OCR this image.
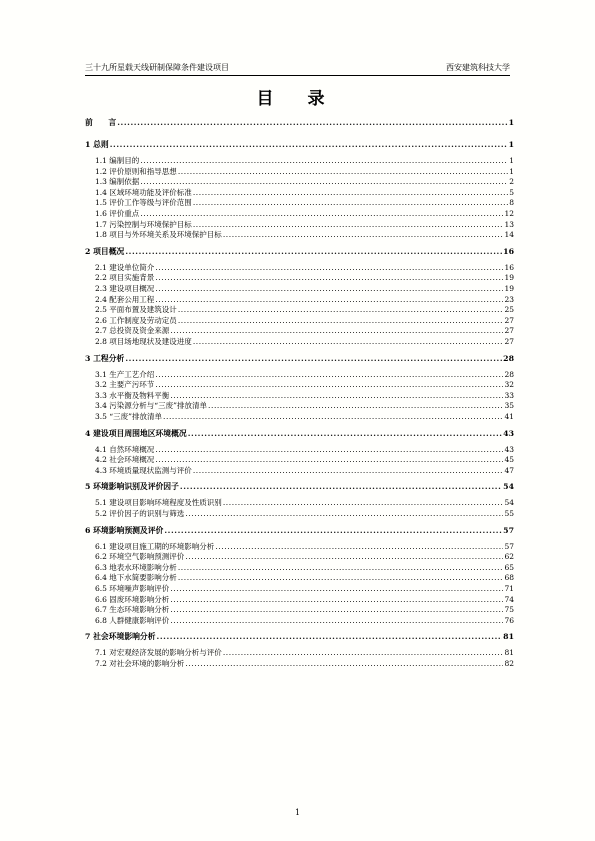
三十九所星载天线研制保障条件建设项目	西安建筑科技大学
目 录
前　　言 .....	1
1 总则 .....	1
1.1 编制目的 .....	1
1.2 评价原则和指导思想 .....	1
1.3 编制依据 .....	2
1.4 区域环境功能及评价标准 .....	5
1.5 评价工作等级与评价范围 .....	8
1.6 评价重点 .....	12
1.7 污染控制与环境保护目标 .....	13
1.8 项目与外环境关系及环境保护目标 .....	14
2 项目概况 .....	16
2.1 建设单位简介 .....	16
2.2 项目实施背景 .....	19
2.3 建设项目概况 .....	19
2.4 配套公用工程 .....	23
2.5 平面布置及建筑设计 .....	25
2.6 工作制度及劳动定员 .....	27
2.7 总投资及资金来源 .....	27
2.8 项目场地现状及建设进度 .....	27
3 工程分析 .....	28
3.1 生产工艺介绍 .....	28
3.2 主要产污环节 .....	32
3.3 水平衡及物料平衡 .....	33
3.4 污染源分析与“三废”排放清单 .....	35
3.5 “三废”排放清单 .....	41
4 建设项目周围地区环境概况 .....	43
4.1 自然环境概况 .....	43
4.2 社会环境概况 .....	45
4.3 环境质量现状监测与评价 .....	47
5 环境影响识别及评价因子 .....	54
5.1 建设项目影响环境程度及性质识别 .....	54
5.2 评价因子的识别与筛选 .....	55
6 环境影响预测及评价 .....	57
6.1 建设项目施工期的环境影响分析 .....	57
6.2 环境空气影响预测评价 .....	62
6.3 地表水环境影响分析 .....	65
6.4 地下水简要影响分析 .....	68
6.5 环境噪声影响评价 .....	71
6.6 固废环境影响分析 .....	74
6.7 生态环境影响分析 .....	75
6.8 人群健康影响评价 .....	76
7 社会环境影响分析 .....	81
7.1 对宏观经济发展的影响分析与评价 .....	81
7.2 对社会环境的影响分析 .....	82
1
